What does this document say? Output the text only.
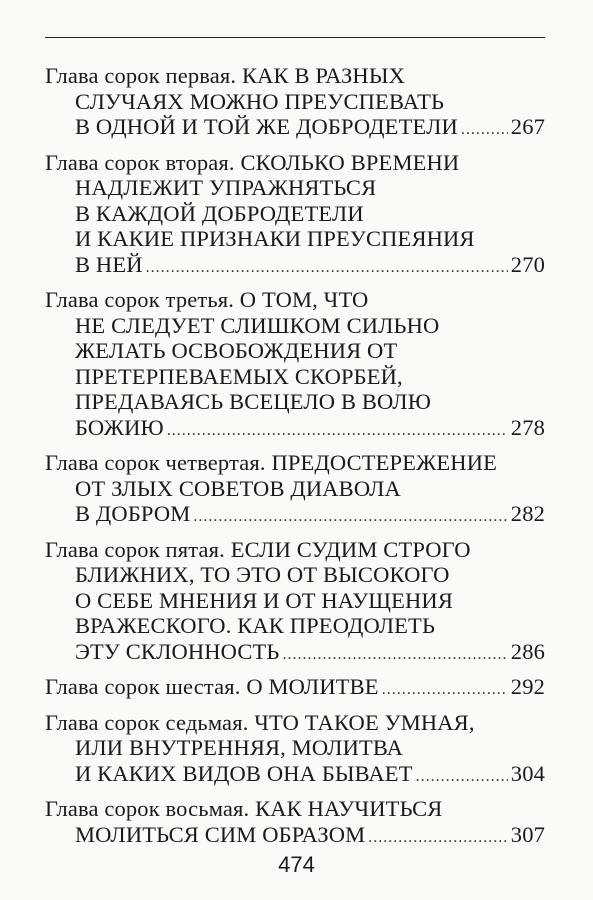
Глава сорок первая. КАК В РАЗНЫХ
СЛУЧАЯХ МОЖНО ПРЕУСПЕВАТЬ
В ОДНОЙ И ТОЙ ЖЕ ДОБРОДЕТЕЛИ ..... 267
Глава сорок вторая. СКОЛЬКО ВРЕМЕНИ
НАДЛЕЖИТ УПРАЖНЯТЬСЯ
В КАЖДОЙ ДОБРОДЕТЕЛИ
И КАКИЕ ПРИЗНАКИ ПРЕУСПЕЯНИЯ
В НЕЙ .....	270
Глава сорок третья. О ТОМ, ЧТО
НЕ СЛЕДУЕТ СЛИШКОМ СИЛЬНО
ЖЕЛАТЬ ОСВОБОЖДЕНИЯ ОТ
ПРЕТЕРПЕВАЕМЫХ СКОРБЕЙ,
ПРЕДАВАЯСЬ ВСЕЦЕЛО В ВОЛЮ
БОЖИЮ .....	278
Глава сорок четвертая. ПРЕДОСТЕРЕЖЕНИЕ
ОТ ЗЛЫХ СОВЕТОВ ДИАВОЛА
В ДОБРОМ .....	282
Глава сорок пятая. ЕСЛИ СУДИМ СТРОГО
БЛИЖНИХ, ТО ЭТО ОТ ВЫСОКОГО
О СЕБЕ МНЕНИЯ И ОТ НАУЩЕНИЯ
ВРАЖЕСКОГО. КАК ПРЕОДОЛЕТЬ
ЭТУ СКЛОННОСТЬ .....	286
Глава сорок шестая. О МОЛИТВЕ .....	292
Глава сорок седьмая. ЧТО ТАКОЕ УМНАЯ,
ИЛИ ВНУТРЕННЯЯ, МОЛИТВА
И КАКИХ ВИДОВ ОНА БЫВАЕТ .....	304
Глава сорок восьмая. КАК НАУЧИТЬСЯ
МОЛИТЬСЯ СИМ ОБРАЗОМ .....	307
474
